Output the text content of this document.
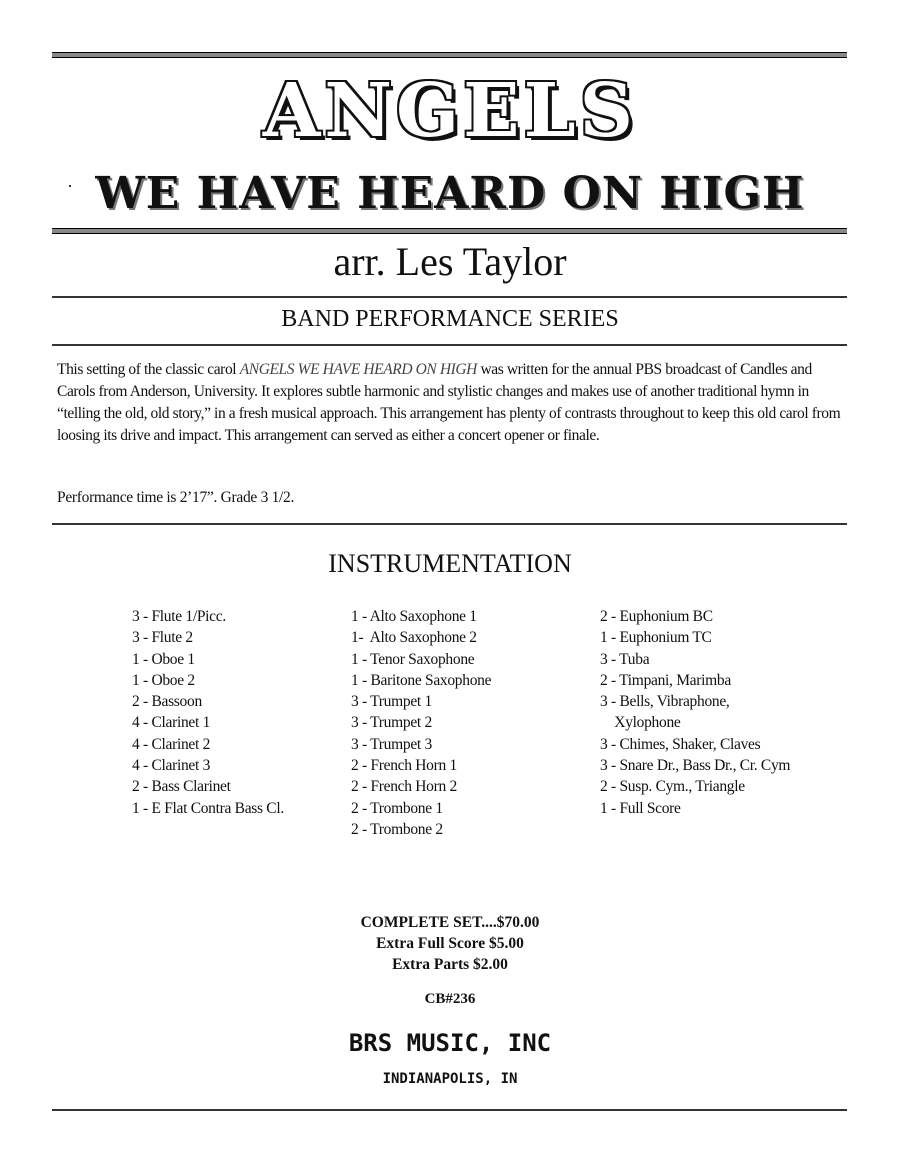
ANGELS
WE HAVE HEARD ON HIGH
arr. Les Taylor
BAND PERFORMANCE SERIES

This setting of the classic carol ANGELS WE HAVE HEARD ON HIGH was written for the annual PBS broadcast of Candles and Carols from Anderson, University. It explores subtle harmonic and stylistic changes and makes use of another traditional hymn in “telling the old, old story,” in a fresh musical approach. This arrangement has plenty of contrasts throughout to keep this old carol from loosing its drive and impact. This arrangement can served as either a concert opener or finale.

Performance time is 2’17”. Grade 3 1/2.
INSTRUMENTATION
3 - Flute 1/Picc.
3 - Flute 2
1 - Oboe 1
1 - Oboe 2
2 - Bassoon
4 - Clarinet 1
4 - Clarinet 2
4 - Clarinet 3
2 - Bass Clarinet
1 - E Flat Contra Bass Cl.
1 - Alto Saxophone 1
1-  Alto Saxophone 2
1 - Tenor Saxophone
1 - Baritone Saxophone
3 - Trumpet 1
3 - Trumpet 2
3 - Trumpet 3
2 - French Horn 1
2 - French Horn 2
2 - Trombone 1
2 - Trombone 2
2 - Euphonium BC
1 - Euphonium TC
3 - Tuba
2 - Timpani, Marimba
3 - Bells, Vibraphone,
Xylophone
3 - Chimes, Shaker, Claves
3 - Snare Dr., Bass Dr., Cr. Cym
2 - Susp. Cym., Triangle
1 - Full Score
COMPLETE SET....$70.00
Extra Full Score $5.00
Extra Parts $2.00
CB#236
BRS MUSIC, INC
INDIANAPOLIS, IN
